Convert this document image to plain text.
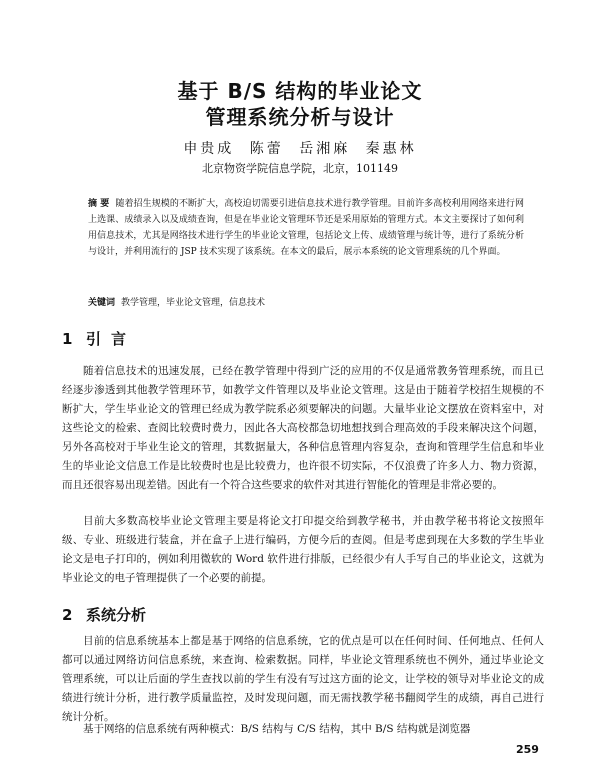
基于 B/S 结构的毕业论文
管理系统分析与设计
申贵成 陈蕾 岳湘麻 秦惠林
北京物资学院信息学院，北京，101149
摘 要 随着招生规模的不断扩大，高校迫切需要引进信息技术进行教学管理。目前许多高校利用网络来进行网上选课、成绩录入以及成绩查询，但是在毕业论文管理环节还是采用原始的管理方式。本文主要探讨了如何利用信息技术，尤其是网络技术进行学生的毕业论文管理，包括论文上传、成绩管理与统计等，进行了系统分析与设计，并利用流行的 JSP 技术实现了该系统。在本文的最后，展示本系统的论文管理系统的几个界面。
关键词 教学管理，毕业论文管理，信息技术
1 引言
随着信息技术的迅速发展，已经在教学管理中得到广泛的应用的不仅是通常教务管理系统，而且已经逐步渗透到其他教学管理环节，如教学文件管理以及毕业论文管理。这是由于随着学校招生规模的不断扩大，学生毕业论文的管理已经成为教学院系必须要解决的问题。大量毕业论文摆放在资料室中，对这些论文的检索、查阅比较费时费力，因此各大高校都急切地想找到合理高效的手段来解决这个问题，另外各高校对于毕业生论文的管理，其数据量大，各种信息管理内容复杂，查询和管理学生信息和毕业生的毕业论文信息工作是比较费时也是比较费力，也许很不切实际，不仅浪费了许多人力、物力资源，而且还很容易出现差错。因此有一个符合这些要求的软件对其进行智能化的管理是非常必要的。
目前大多数高校毕业论文管理主要是将论文打印提交给到教学秘书，并由教学秘书将论文按照年级、专业、班级进行装盒，并在盒子上进行编码，方便今后的查阅。但是考虑到现在大多数的学生毕业论文是电子打印的，例如利用微软的 Word 软件进行排版，已经很少有人手写自己的毕业论文，这就为毕业论文的电子管理提供了一个必要的前提。
2 系统分析
目前的信息系统基本上都是基于网络的信息系统，它的优点是可以在任何时间、任何地点、任何人都可以通过网络访问信息系统，来查询、检索数据。同样，毕业论文管理系统也不例外，通过毕业论文管理系统，可以让后面的学生查找以前的学生有没有写过这方面的论文，让学校的领导对毕业论文的成绩进行统计分析，进行教学质量监控，及时发现问题，而无需找教学秘书翻阅学生的成绩，再自己进行统计分析。
基于网络的信息系统有两种模式：B/S 结构与 C/S 结构，其中 B/S 结构就是浏览器
259
